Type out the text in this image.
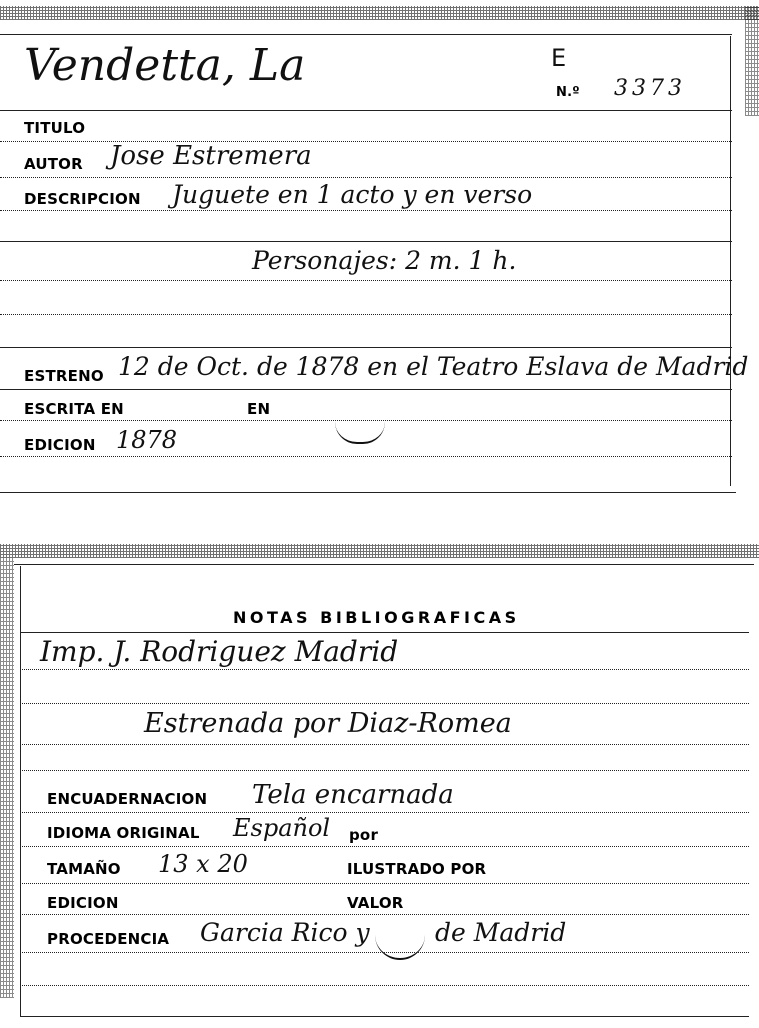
Vendetta, La	E
N.º 3373
TITULO
AUTOR Jose Estremera
DESCRIPCION Juguete en 1 acto y en verso
Personajes: 2 m. 1 h.
ESTRENO 12 de Oct. de 1878 en el Teatro Eslava de Madrid
ESCRITA EN	EN
EDICION 1878
NOTAS BIBLIOGRAFICAS
Imp. J. Rodriguez Madrid
Estrenada por Diaz-Romea
ENCUADERNACION Tela encarnada
IDIOMA ORIGINAL Español por
TAMAÑO 13 x 20	ILUSTRADO POR
EDICION	VALOR
PROCEDENCIA Garcia Rico y	de Madrid
